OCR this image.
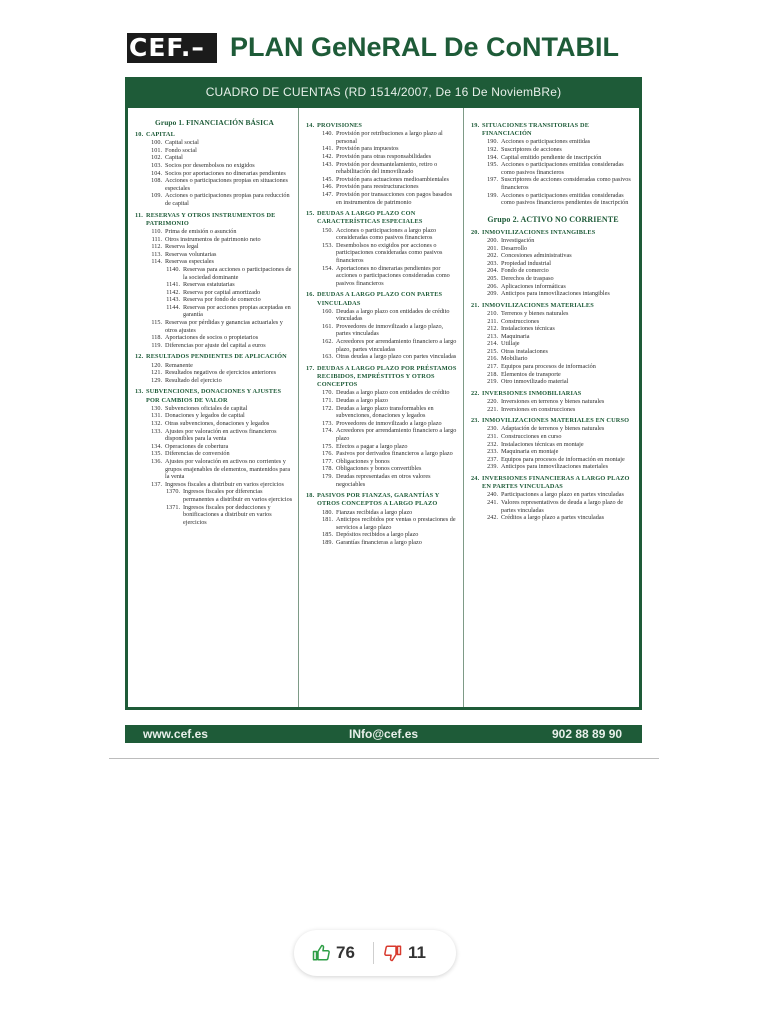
CEF.– PLAN GeNeRAL De CoNTABIL
CUADRO DE CUENTAS (RD 1514/2007, De 16 De NoviemBRe)
Grupo 1. FINANCIACIÓN BÁSICA
10. CAPITAL
100. Capital social
101. Fondo social
102. Capital
103. Socios por desembolsos no exigidos
104. Socios por aportaciones no dinerarias pendientes
108. Acciones o participaciones propias en situaciones especiales
109. Acciones o participaciones propias para reducción de capital
11. RESERVAS Y OTROS INSTRUMENTOS DE PATRIMONIO
110. Prima de emisión o asunción
111. Otros instrumentos de patrimonio neto
112. Reserva legal
113. Reservas voluntarias
114. Reservas especiales
1140. Reservas para acciones o participaciones de la sociedad dominante
1141. Reservas estatutarias
1142. Reserva por capital amortizado
1143. Reserva por fondo de comercio
1144. Reservas por acciones propias aceptadas en garantía
115. Reservas por pérdidas y ganancias actuariales y otros ajustes
118. Aportaciones de socios o propietarios
119. Diferencias por ajuste del capital a euros
12. RESULTADOS PENDIENTES DE APLICACIÓN
120. Remanente
121. Resultados negativos de ejercicios anteriores
129. Resultado del ejercicio
13. SUBVENCIONES, DONACIONES Y AJUSTES POR CAMBIOS DE VALOR
130. Subvenciones oficiales de capital
131. Donaciones y legados de capital
132. Otras subvenciones, donaciones y legados
133. Ajustes por valoración en activos financieros disponibles para la venta
134. Operaciones de cobertura
135. Diferencias de conversión
136. Ajustes por valoración en activos no corrientes y grupos enajenables de elementos, mantenidos para la venta
137. Ingresos fiscales a distribuir en varios ejercicios
1370. Ingresos fiscales por diferencias permanentes a distribuir en varios ejercicios
1371. Ingresos fiscales por deducciones y bonificaciones a distribuir en varios ejercicios
14. PROVISIONES
140. Provisión por retribuciones a largo plazo al personal
141. Provisión para impuestos
142. Provisión para otras responsabilidades
143. Provisión por desmantelamiento, retiro o rehabilitación del inmovilizado
145. Provisión para actuaciones medioambientales
146. Provisión para reestructuraciones
147. Provisión por transacciones con pagos basados en instrumentos de patrimonio
15. DEUDAS A LARGO PLAZO CON CARACTERÍSTICAS ESPECIALES
150. Acciones o participaciones a largo plazo consideradas como pasivos financieros
153. Desembolsos no exigidos por acciones o participaciones consideradas como pasivos financieros
154. Aportaciones no dinerarias pendientes por acciones o participaciones consideradas como pasivos financieros
16. DEUDAS A LARGO PLAZO CON PARTES VINCULADAS
160. Deudas a largo plazo con entidades de crédito vinculadas
161. Proveedores de inmovilizado a largo plazo, partes vinculadas
162. Acreedores por arrendamiento financiero a largo plazo, partes vinculadas
163. Otras deudas a largo plazo con partes vinculadas
17. DEUDAS A LARGO PLAZO POR PRÉSTAMOS RECIBIDOS, EMPRÉSTITOS Y OTROS CONCEPTOS
170. Deudas a largo plazo con entidades de crédito
171. Deudas a largo plazo
172. Deudas a largo plazo transformables en subvenciones, donaciones y legados
173. Proveedores de inmovilizado a largo plazo
174. Acreedores por arrendamiento financiero a largo plazo
175. Efectos a pagar a largo plazo
176. Pasivos por derivados financieros a largo plazo
177. Obligaciones y bonos
178. Obligaciones y bonos convertibles
179. Deudas representadas en otros valores negociables
18. PASIVOS POR FIANZAS, GARANTÍAS Y OTROS CONCEPTOS A LARGO PLAZO
180. Fianzas recibidas a largo plazo
181. Anticipos recibidos por ventas o prestaciones de servicios a largo plazo
185. Depósitos recibidos a largo plazo
189. Garantías financieras a largo plazo
19. SITUACIONES TRANSITORIAS DE FINANCIACIÓN
190. Acciones o participaciones emitidas
192. Suscriptores de acciones
194. Capital emitido pendiente de inscripción
195. Acciones o participaciones emitidas consideradas como pasivos financieros
197. Suscriptores de acciones consideradas como pasivos financieros
199. Acciones o participaciones emitidas consideradas como pasivos financieros pendientes de inscripción
Grupo 2. ACTIVO NO CORRIENTE
20. INMOVILIZACIONES INTANGIBLES
200. Investigación
201. Desarrollo
202. Concesiones administrativas
203. Propiedad industrial
204. Fondo de comercio
205. Derechos de traspaso
206. Aplicaciones informáticas
209. Anticipos para inmovilizaciones intangibles
21. INMOVILIZACIONES MATERIALES
210. Terrenos y bienes naturales
211. Construcciones
212. Instalaciones técnicas
213. Maquinaria
214. Utillaje
215. Otras instalaciones
216. Mobiliario
217. Equipos para procesos de información
218. Elementos de transporte
219. Otro inmovilizado material
22. INVERSIONES INMOBILIARIAS
220. Inversiones en terrenos y bienes naturales
221. Inversiones en construcciones
23. INMOVILIZACIONES MATERIALES EN CURSO
230. Adaptación de terrenos y bienes naturales
231. Construcciones en curso
232. Instalaciones técnicas en montaje
233. Maquinaria en montaje
237. Equipos para procesos de información en montaje
239. Anticipos para inmovilizaciones materiales
24. INVERSIONES FINANCIERAS A LARGO PLAZO EN PARTES VINCULADAS
240. Participaciones a largo plazo en partes vinculadas
241. Valores representativos de deuda a largo plazo de partes vinculadas
242. Créditos a largo plazo a partes vinculadas
www.cef.es	INfo@cef.es	902 88 89 90
76	11
